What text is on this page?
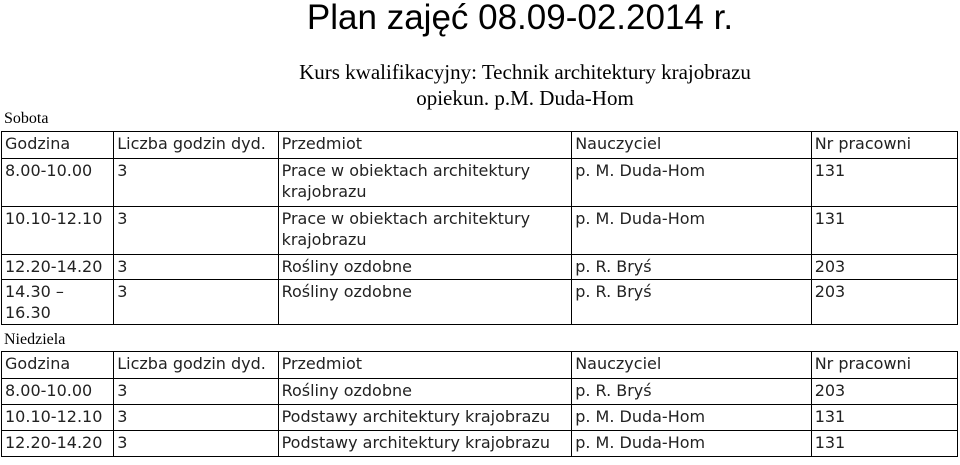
Plan zajęć 08.09-02.2014 r.
Kurs kwalifikacyjny: Technik architektury krajobrazu
opiekun. p.M. Duda-Hom
Sobota
Godzina	Liczba godzin dyd.	Przedmiot	Nauczyciel	Nr pracowni
8.00-10.00	3	Prace w obiektach architektury krajobrazu	p. M. Duda-Hom	131
10.10-12.10	3	Prace w obiektach architektury krajobrazu	p. M. Duda-Hom	131
12.20-14.20	3	Rośliny ozdobne	p. R. Bryś	203
14.30 – 16.30	3	Rośliny ozdobne	p. R. Bryś	203
Niedziela
Godzina	Liczba godzin dyd.	Przedmiot	Nauczyciel	Nr pracowni
8.00-10.00	3	Rośliny ozdobne	p. R. Bryś	203
10.10-12.10	3	Podstawy architektury krajobrazu	p. M. Duda-Hom	131
12.20-14.20	3	Podstawy architektury krajobrazu	p. M. Duda-Hom	131
